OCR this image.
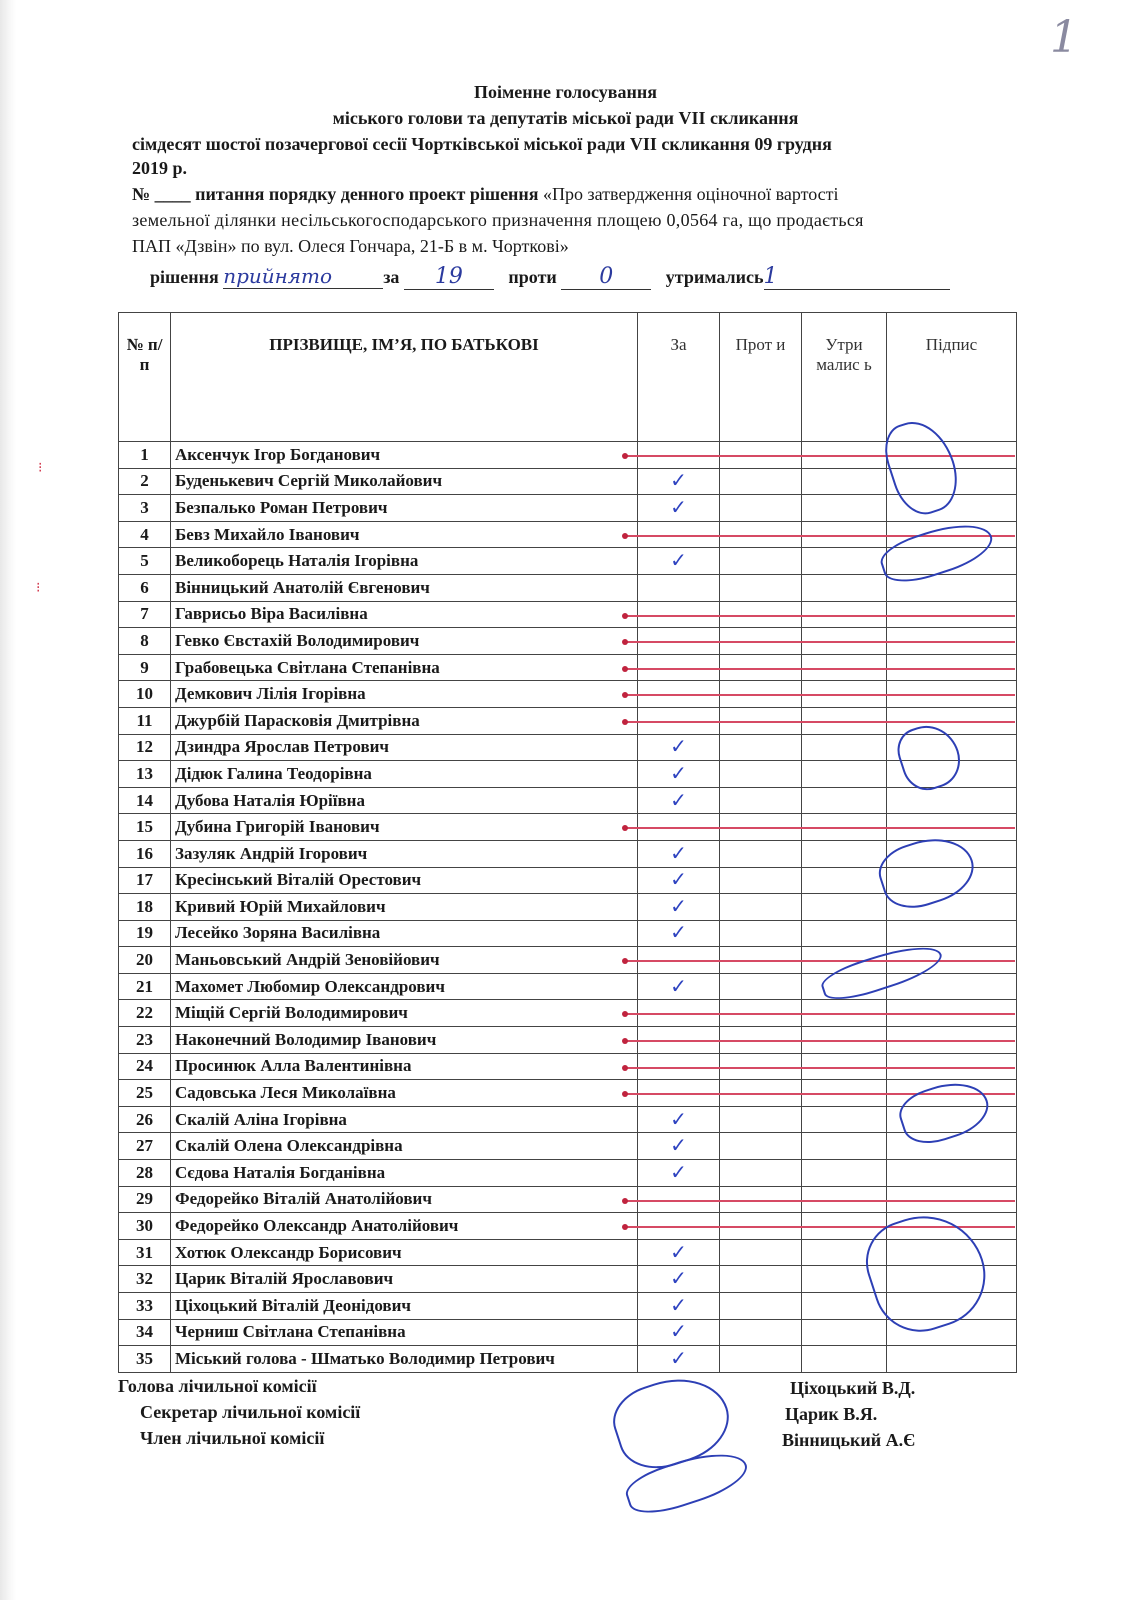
1
Поіменне голосування
міського голови та депутатів міської ради VII скликання
сімдесят шостої позачергової сесії Чортківської міської ради VII скликання 09 грудня
2019 р.
№ ____ питання порядку денного проект рішення «Про затвердження оціночної вартості
земельної ділянки несільськогосподарського призначення площею 0,0564 га, що продається
ПАП «Дзвін» по вул. Олеся Гончара, 21-Б в м. Чорткові»
рішення прийнято	за 19	проти 0	утримались1
№ п/п	ПРІЗВИЩЕ, ІМ’Я, ПО БАТЬКОВІ	За	Прот и	Утри малис ь	Підпис
1	Аксенчук Ігор Богданович				
2	Буденькевич Сергій Миколайович	✓			

3	Безпалько Роман Петрович	✓			

4	Бевз Михайло Іванович				
5	Великоборець Наталія Ігорівна	✓			

6	Вінницький Анатолій Євгенович				
7	Гаврисьо Віра Василівна				
8	Гевко Євстахій Володимирович				
9	Грабовецька Світлана Степанівна				
10	Демкович Лілія Ігорівна				
11	Джурбій Парасковія Дмитрівна				
12	Дзиндра Ярослав Петрович	✓			

13	Дідюк Галина Теодорівна	✓			

14	Дубова Наталія Юріївна	✓			

15	Дубина Григорій Іванович				
16	Зазуляк Андрій Ігорович	✓			

17	Кресінський Віталій Орестович	✓			

18	Кривий Юрій Михайлович	✓			

19	Лесейко Зоряна Василівна	✓			

20	Маньовський Андрій Зеновійович				
21	Махомет Любомир Олександрович	✓			

22	Міщій Сергій Володимирович				
23	Наконечний Володимир Іванович				
24	Просинюк Алла Валентинівна				
25	Садовська Леся Миколаївна				
26	Скалій Аліна Ігорівна	✓			

27	Скалій Олена Олександрівна	✓			

28	Сєдова Наталія Богданівна	✓			

29	Федорейко Віталій Анатолійович				
30	Федорейко Олександр Анатолійович				
31	Хотюк Олександр Борисович	✓			

32	Царик Віталій Ярославович	✓			

33	Ціхоцький Віталій Деонідович	✓			

34	Черниш Світлана Степанівна	✓			

35	Міський голова - Шматько Володимир Петрович	✓			

⁝
⁝
Голова лічильної комісії
Секретар лічильної комісії
Член лічильної комісії
Ціхоцький В.Д.
Царик В.Я.
Вінницький А.Є
